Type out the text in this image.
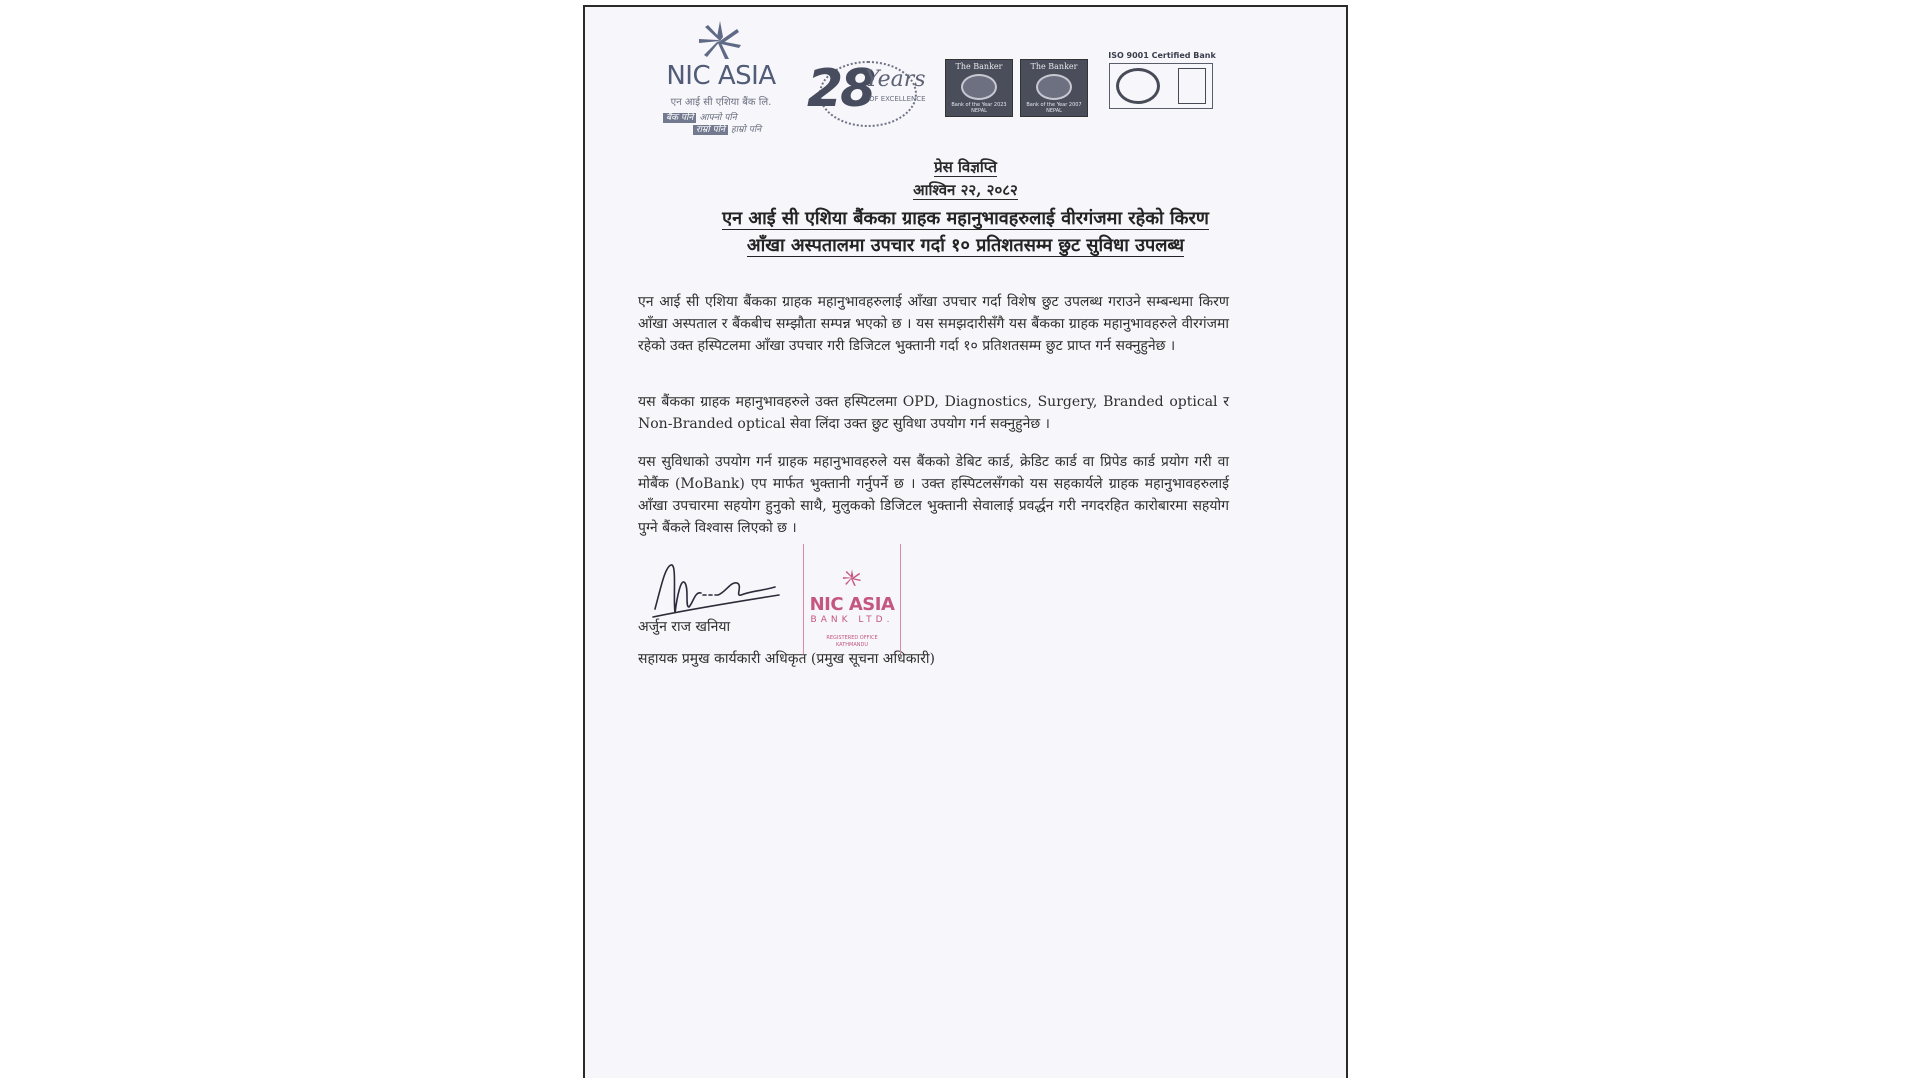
NIC ASIA
एन आई सी एशिया बैंक लि.
बैंक पनि आफ्नो पनि
राम्रो पनि हाम्रो पनि
28
Years
OF EXCELLENCE
The Banker
Bank of the Year 2023 NEPAL
The Banker
Bank of the Year 2007 NEPAL
ISO 9001 Certified Bank
प्रेस विज्ञप्ति
आश्विन २२, २०८२
एन आई सी एशिया बैंकका ग्राहक महानुभावहरुलाई वीरगंजमा रहेको किरण
आँखा अस्पतालमा उपचार गर्दा १० प्रतिशतसम्म छुट सुविधा उपलब्ध
एन आई सी एशिया बैंकका ग्राहक महानुभावहरुलाई आँखा उपचार गर्दा विशेष छुट उपलब्ध गराउने सम्बन्धमा किरण आँखा अस्पताल र बैंकबीच सम्झौता सम्पन्न भएको छ । यस समझदारीसँगै यस बैंकका ग्राहक महानुभावहरुले वीरगंजमा रहेको उक्त हस्पिटलमा आँखा उपचार गरी डिजिटल भुक्तानी गर्दा १० प्रतिशतसम्म छुट प्राप्त गर्न सक्नुहुनेछ ।
यस बैंकका ग्राहक महानुभावहरुले उक्त हस्पिटलमा OPD, Diagnostics, Surgery, Branded optical र Non-Branded optical सेवा लिंदा उक्त छुट सुविधा उपयोग गर्न सक्नुहुनेछ ।
यस सुविधाको उपयोग गर्न ग्राहक महानुभावहरुले यस बैंकको डेबिट कार्ड, क्रेडिट कार्ड वा प्रिपेड कार्ड प्रयोग गरी वा मोबैंक (MoBank) एप मार्फत भुक्तानी गर्नुपर्ने छ । उक्त हस्पिटलसँगको यस सहकार्यले ग्राहक महानुभावहरुलाई आँखा उपचारमा सहयोग हुनुको साथै, मुलुकको डिजिटल भुक्तानी सेवालाई प्रवर्द्धन गरी नगदरहित कारोबारमा सहयोग पुग्ने बैंकले विश्वास लिएको छ ।
अर्जुन राज खनिया
सहायक प्रमुख कार्यकारी अधिकृत (प्रमुख सूचना अधिकारी)
NIC ASIA
BANK LTD.
REGISTERED OFFICE
KATHMANDU
